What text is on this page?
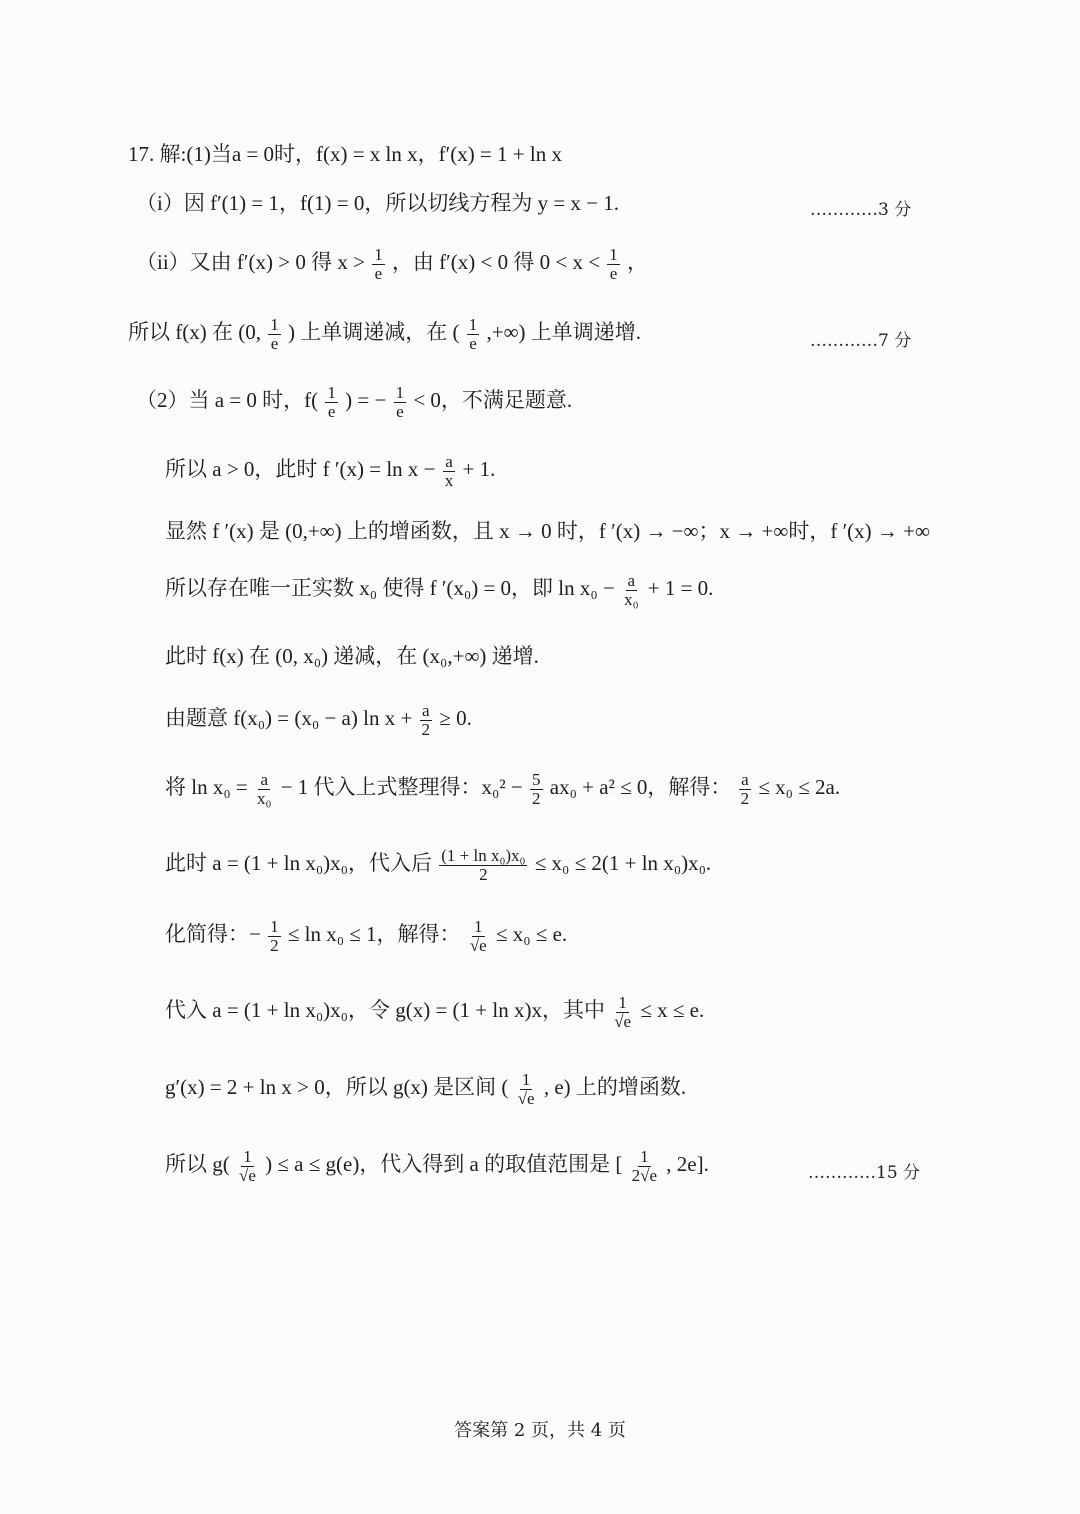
17. 解:(1)当a = 0时，f(x) = x ln x，f′(x) = 1 + ln x
（i）因 f′(1) = 1，f(1) = 0，所以切线方程为 y = x − 1.	…………3 分
（ii）又由 f′(x) > 0 得 $x > \frac{1}{e}$ ，由 f′(x) < 0 得 $0 < x < \frac{1}{e}$ ，
所以 f(x) 在 (0, $\frac{1}{e}$ ) 上单调递减，在 ( $\frac{1}{e}$ ,+∞) 上单调递增.	…………7 分
（2）当 a = 0 时，$f( \frac{1}{e}$ ) = − $\frac{1}{e} < 0$，不满足题意.
所以 a > 0，此时 f $'(x) = \ln x - \frac{a}{x} + 1$.
显然 f ′(x) 是 (0,+∞) 上的增函数，且 x → 0 时，f ′(x) → −∞；x → +∞时，f ′(x) → +∞
所以存在唯一正实数 x₀ 使得 f ′(x₀) = 0，即 $\ln x_0 - \frac{a}{\text{x₀}} + 1 = 0$.
此时 f(x) 在 (0, x₀) 递减，在 (x₀,+∞) 递增.
由题意 f(x₀) = (x₀ − a) $\ln x + \frac{a}{2} \ge 0$.
将 $\ln x_0 = \frac{a}{\text{x₀}} - 1$ 代入上式整理得：$x_0^2 - \frac{5}{2} ax_0 + a^2 \le 0$，解得： $\frac{a}{2} \le x_0 \le 2a$.
此时 a = (1 + ln x₀)x₀，代入后 $\frac{\text{(1 + ln x₀)x₀}}{2} \le x_0 \le 2(1 + \ln x_0)x_0$.
化简得：− $\frac{1}{2} \le \ln x_0 \le 1$，解得： $\frac{1}{√e} \le x_0 \le e$.
代入 a = (1 + ln x₀)x₀，令 g(x) = (1 + ln x)x，其中 $\frac{1}{√e} \le x \le e$.
g′(x) = 2 + ln x > 0，所以 g(x) 是区间 ( $\frac{1}{√e}$ , e) 上的增函数.
所以 $g( \frac{1}{√e}$ ) ≤ a ≤ g(e)，代入得到 a 的取值范围是 [ $\frac{1}{2√e}$ , 2e].	…………15 分
答案第 2 页，共 4 页
